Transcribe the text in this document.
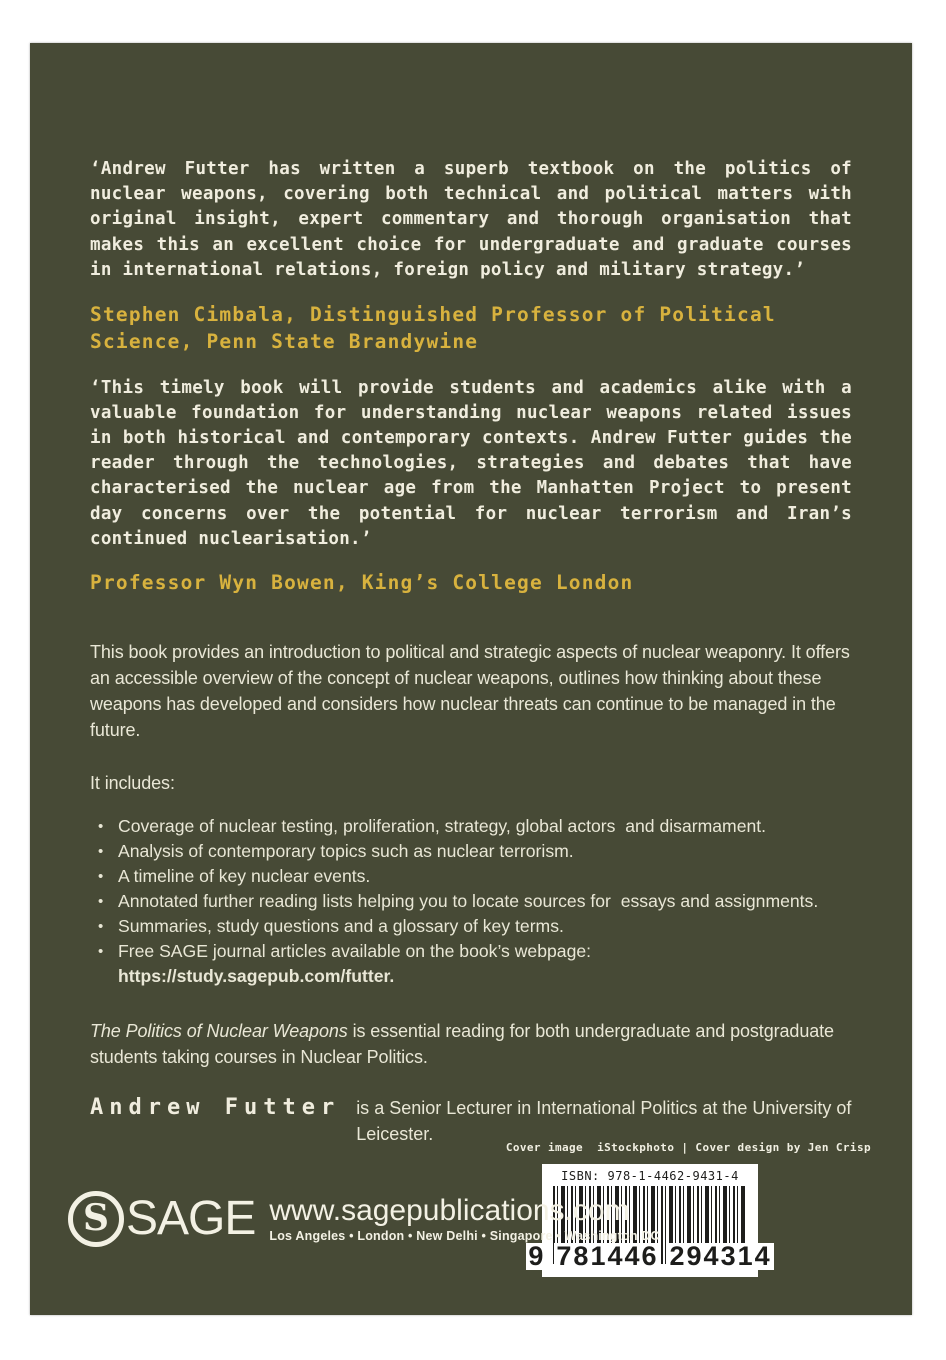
‘Andrew Futter has written a superb textbook on the politics of nuclear weapons, covering both technical and political matters with original insight, expert commentary and thorough organisation that makes this an excellent choice for undergraduate and graduate courses in international relations, foreign policy and military strategy.’

Stephen Cimbala, Distinguished Professor of Political Science, Penn State Brandywine

‘This timely book will provide students and academics alike with a valuable foundation for understanding nuclear weapons related issues in both historical and contemporary contexts. Andrew Futter guides the reader through the technologies, strategies and debates that have characterised the nuclear age from the Manhatten Project to present day concerns over the potential for nuclear terrorism and Iran’s continued nuclearisation.’

Professor Wyn Bowen, King’s College London

This book provides an introduction to political and strategic aspects of nuclear weaponry. It offers an accessible overview of the concept of nuclear weapons, outlines how thinking about these weapons has developed and considers how nuclear threats can continue to be managed in the future.

It includes:

• Coverage of nuclear testing, proliferation, strategy, global actors  and disarmament.
• Analysis of contemporary topics such as nuclear terrorism.
• A timeline of key nuclear events.
• Annotated further reading lists helping you to locate sources for  essays and assignments.
• Summaries, study questions and a glossary of key terms.
• Free SAGE journal articles available on the book’s webpage: https://study.sagepub.com/futter.

The Politics of Nuclear Weapons is essential reading for both undergraduate and postgraduate students taking courses in Nuclear Politics.

Andrew Futter is a Senior Lecturer in International Politics at the University of Leicester.
Cover image  iStockphoto | Cover design by Jen Crisp
ISBN: 978-1-4462-9431-4
9 781446 294314
S SAGE www.sagepublications.com
Los Angeles • London • New Delhi • Singapore • Washington DC
